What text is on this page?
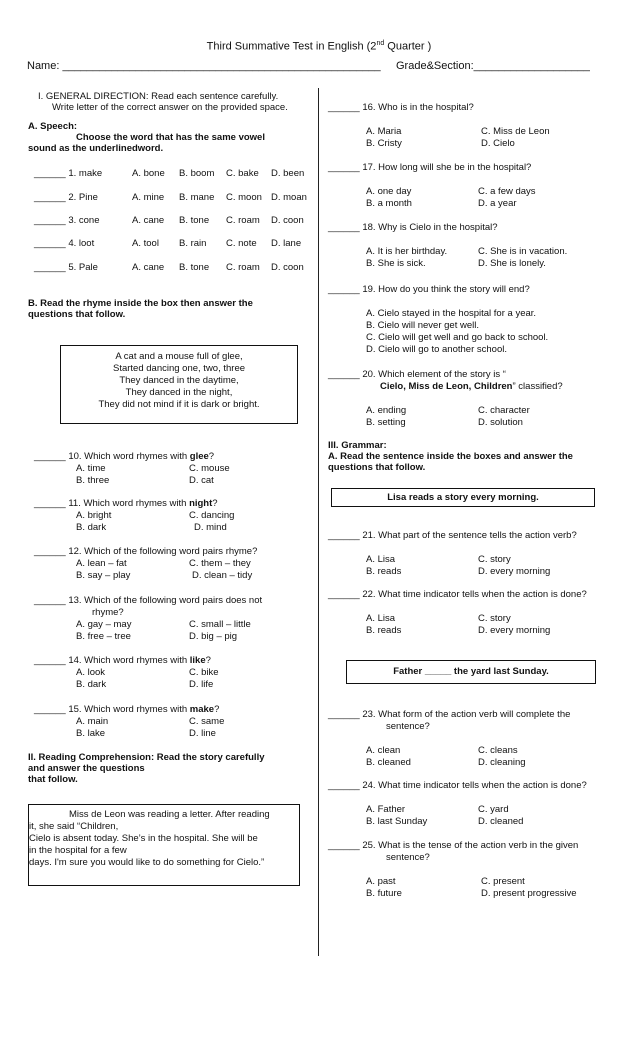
Third Summative Test in English (2nd Quarter )
Name: ____________________________________________________ Grade&Section:___________________
I. GENERAL DIRECTION: Read each sentence carefully.
Write letter of the correct answer on the provided space.
A. Speech:
Choose the word that has the same vowel
sound as the underlinedword.
______ 1. make	A. bone B. boom C. bake D. been
______ 2. Pine	A. mine B. mane C. moon D. moan
______ 3. cone	A. cane B. tone C. roam D. coon
______ 4. loot	A. tool B. rain C. note D. lane
______ 5. Pale	A. cane B. tone C. roam D. coon
B. Read the rhyme inside the box then answer the
questions that follow.
A cat and a mouse full of glee,
Started dancing one, two, three
They danced in the daytime,
They danced in the night,
They did not mind if it is dark or bright.
______ 10. Which word rhymes with glee?
A. time	C. mouse
B. three	D. cat
______ 11. Which word rhymes with night?
A. bright	C. dancing
B. dark	D. mind
______ 12. Which of the following word pairs rhyme?
A. lean – fat	C. them – they
B. say – play	D. clean – tidy
______ 13. Which of the following word pairs does not
rhyme?
A. gay – may	C. small – little
B. free – tree	D. big – pig
______ 14. Which word rhymes with like?
A. look	C. bike
B. dark	D. life
______ 15. Which word rhymes with make?
A. main	C. same
B. lake	D. line
II. Reading Comprehension: Read the story carefully
and answer the questions
that follow.
Miss de Leon was reading a letter. After reading
it, she said “Children,
Cielo is absent today. She’s in the hospital. She will be
in the hospital for a few
days. I'm sure you would like to do something for Cielo.”
______ 16. Who is in the hospital?
A. Maria	C. Miss de Leon
B. Cristy	D. Cielo
______ 17. How long will she be in the hospital?
A. one day	C. a few days
B. a month	D. a year
______ 18. Why is Cielo in the hospital?
A. It is her birthday.	C. She is in vacation.
B. She is sick.	D. She is lonely.
______ 19. How do you think the story will end?
A. Cielo stayed in the hospital for a year.
B. Cielo will never get well.
C. Cielo will get well and go back to school.
D. Cielo will go to another school.
______ 20. Which element of the story is “
Cielo, Miss de Leon, Children” classified?
A. ending	C. character
B. setting	D. solution
III. Grammar:
A. Read the sentence inside the boxes and answer the
questions that follow.
Lisa reads a story every morning.
______ 21. What part of the sentence tells the action verb?
A. Lisa	C. story
B. reads	D. every morning
______ 22. What time indicator tells when the action is done?
A. Lisa	C. story
B. reads	D. every morning
Father _____ the yard last Sunday.
______ 23. What form of the action verb will complete the
sentence?
A. clean	C. cleans
B. cleaned	D. cleaning
______ 24. What time indicator tells when the action is done?
A. Father	C. yard
B. last Sunday	D. cleaned
______ 25. What is the tense of the action verb in the given
sentence?
A. past	C. present
B. future	D. present progressive
